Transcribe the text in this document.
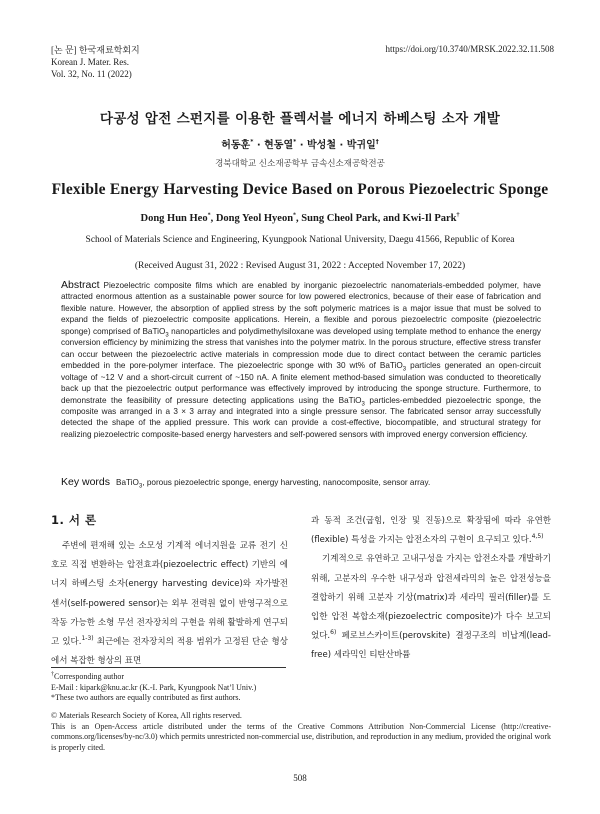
[논 문] 한국재료학회지
Korean J. Mater. Res.
Vol. 32, No. 11 (2022)
https://doi.org/10.3740/MRSK.2022.32.11.508
다공성 압전 스펀지를 이용한 플렉서블 에너지 하베스팅 소자 개발
허동훈* · 현동열* · 박성철 · 박귀일†
경북대학교 신소재공학부 금속신소재공학전공
Flexible Energy Harvesting Device Based on Porous Piezoelectric Sponge
Dong Hun Heo*, Dong Yeol Hyeon*, Sung Cheol Park, and Kwi-Il Park†
School of Materials Science and Engineering, Kyungpook National University, Daegu 41566, Republic of Korea
(Received August 31, 2022 : Revised August 31, 2022 : Accepted November 17, 2022)
Abstract Piezoelectric composite films which are enabled by inorganic piezoelectric nanomaterials-embedded polymer, have attracted enormous attention as a sustainable power source for low powered electronics, because of their ease of fabrication and flexible nature. However, the absorption of applied stress by the soft polymeric matrices is a major issue that must be solved to expand the fields of piezoelectric composite applications. Herein, a flexible and porous piezoelectric composite (piezoelectric sponge) comprised of BaTiO$_3$ nanoparticles and polydimethylsiloxane was developed using template method to enhance the energy conversion efficiency by minimizing the stress that vanishes into the polymer matrix. In the porous structure, effective stress transfer can occur between the piezoelectric active materials in compression mode due to direct contact between the ceramic particles embedded in the pore-polymer interface. The piezoelectric sponge with 30 wt% of BaTiO$_3$ particles generated an open-circuit voltage of ~12 V and a short-circuit current of ~150 nA. A finite element method-based simulation was conducted to theoretically back up that the piezoelectric output performance was effectively improved by introducing the sponge structure. Furthermore, to demonstrate the feasibility of pressure detecting applications using the BaTiO$_3$ particles-embedded piezoelectric sponge, the composite was arranged in a 3 × 3 array and integrated into a single pressure sensor. The fabricated sensor array successfully detected the shape of the applied pressure. This work can provide a cost-effective, biocompatible, and structural strategy for realizing piezoelectric composite-based energy harvesters and self-powered sensors with improved energy conversion efficiency.
Key words BaTiO$_3$, porous piezoelectric sponge, energy harvesting, nanocomposite, sensor array.
1. 서 론

주변에 편재해 있는 소모성 기계적 에너지원을 교류 전기 신호로 직접 변환하는 압전효과(piezoelectric effect) 기반의 에너지 하베스팅 소자(energy harvesting device)와 자가발전센서(self-powered sensor)는 외부 전력원 없이 반영구적으로 작동 가능한 소형 무선 전자장치의 구현을 위해 활발하게 연구되고 있다.$^{1-3)}$ 최근에는 전자장치의 적용 범위가 고정된 단순 형상에서 복잡한 형상의 표면

과 동적 조건(굽힘, 인장 및 진동)으로 확장됨에 따라 유연한(flexible) 특성을 가지는 압전소자의 구현이 요구되고 있다.$^{4,5)}$

기계적으로 유연하고 고내구성을 가지는 압전소자를 개발하기 위해, 고분자의 우수한 내구성과 압전세라믹의 높은 압전성능을 결합하기 위해 고분자 기상(matrix)과 세라믹 필러(filler)를 도입한 압전 복합소재(piezoelectric composite)가 다수 보고되었다.$^{6)}$ 페로브스카이트(perovskite) 결정구조의 비납계(lead-free) 세라믹인 티탄산바륨

†Corresponding author
E-Mail : kipark@knu.ac.kr (K.-I. Park, Kyungpook Nat’l Univ.)
*These two authors are equally contributed as first authors.
© Materials Research Society of Korea, All rights reserved.
This is an Open-Access article distributed under the terms of the Creative Commons Attribution Non-Commercial License (http://creative-commons.org/licenses/by-nc/3.0) which permits unrestricted non-commercial use, distribution, and reproduction in any medium, provided the original work is properly cited.
508
